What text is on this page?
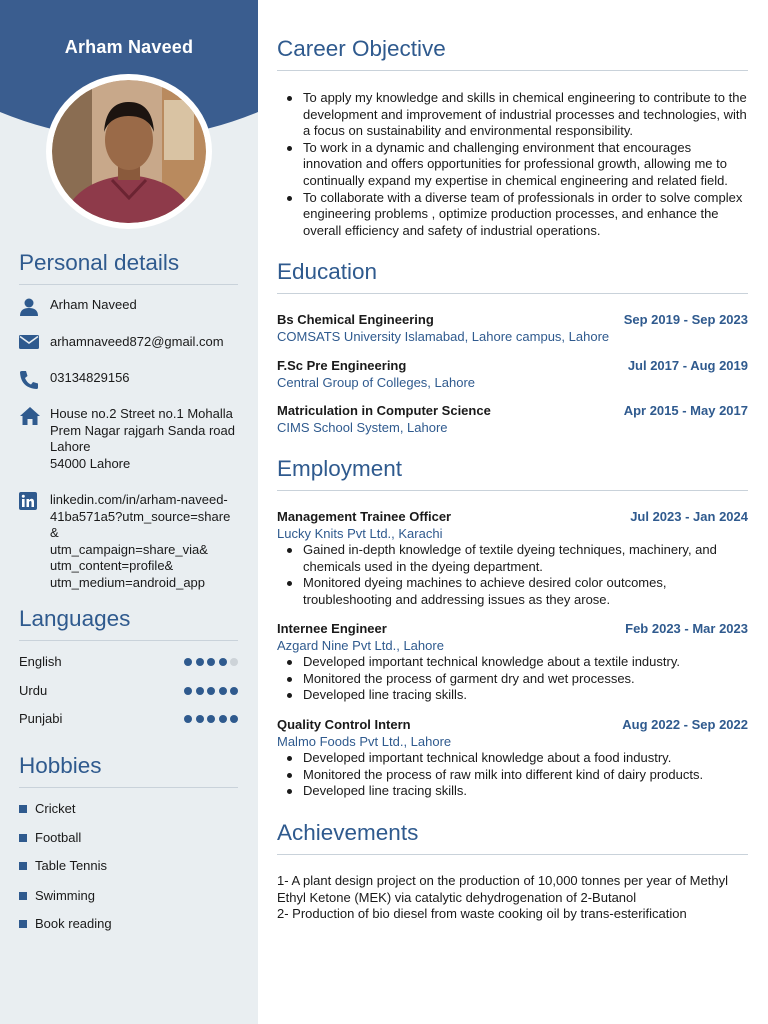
Arham Naveed
Personal details
Arham Naveed
arhamnaveed872@gmail.com
03134829156
House no.2 Street no.1 Mohalla
Prem Nagar rajgarh Sanda road
Lahore
54000 Lahore
linkedin.com/in/arham-naveed-
41ba571a5?utm_source=share&
utm_campaign=share_via&
utm_content=profile&
utm_medium=android_app
Languages
English
Urdu
Punjabi
Hobbies
Cricket
Football
Table Tennis
Swimming
Book reading
Career Objective
To apply my knowledge and skills in chemical engineering to contribute to the development and improvement of industrial processes and technologies, with a focus on sustainability and environmental responsibility.
To work in a dynamic and challenging environment that encourages innovation and offers opportunities for professional growth, allowing me to continually expand my expertise in chemical engineering and related field.
To collaborate with a diverse team of professionals in order to solve complex engineering problems , optimize production processes, and enhance the overall efficiency and safety of industrial operations.
Education
Bs Chemical Engineering	Sep 2019 - Sep 2023
COMSATS University Islamabad, Lahore campus, Lahore
F.Sc Pre Engineering	Jul 2017 - Aug 2019
Central Group of Colleges, Lahore
Matriculation in Computer Science	Apr 2015 - May 2017
CIMS School System, Lahore
Employment
Management Trainee Officer	Jul 2023 - Jan 2024
Lucky Knits Pvt Ltd., Karachi
Gained in-depth knowledge of textile dyeing techniques, machinery, and chemicals used in the dyeing department.
Monitored dyeing machines to achieve desired color outcomes, troubleshooting and addressing issues as they arose.
Internee Engineer	Feb 2023 - Mar 2023
Azgard Nine Pvt Ltd., Lahore
Developed important technical knowledge about a textile industry.
Monitored the process of garment dry and wet processes.
Developed line tracing skills.
Quality Control Intern	Aug 2022 - Sep 2022
Malmo Foods Pvt Ltd., Lahore
Developed important technical knowledge about a food industry.
Monitored the process of raw milk into different kind of dairy products.
Developed line tracing skills.
Achievements
1- A plant design project on the production of 10,000 tonnes per year of Methyl Ethyl Ketone (MEK) via catalytic dehydrogenation of 2-Butanol
2- Production of bio diesel from waste cooking oil by trans-esterification
